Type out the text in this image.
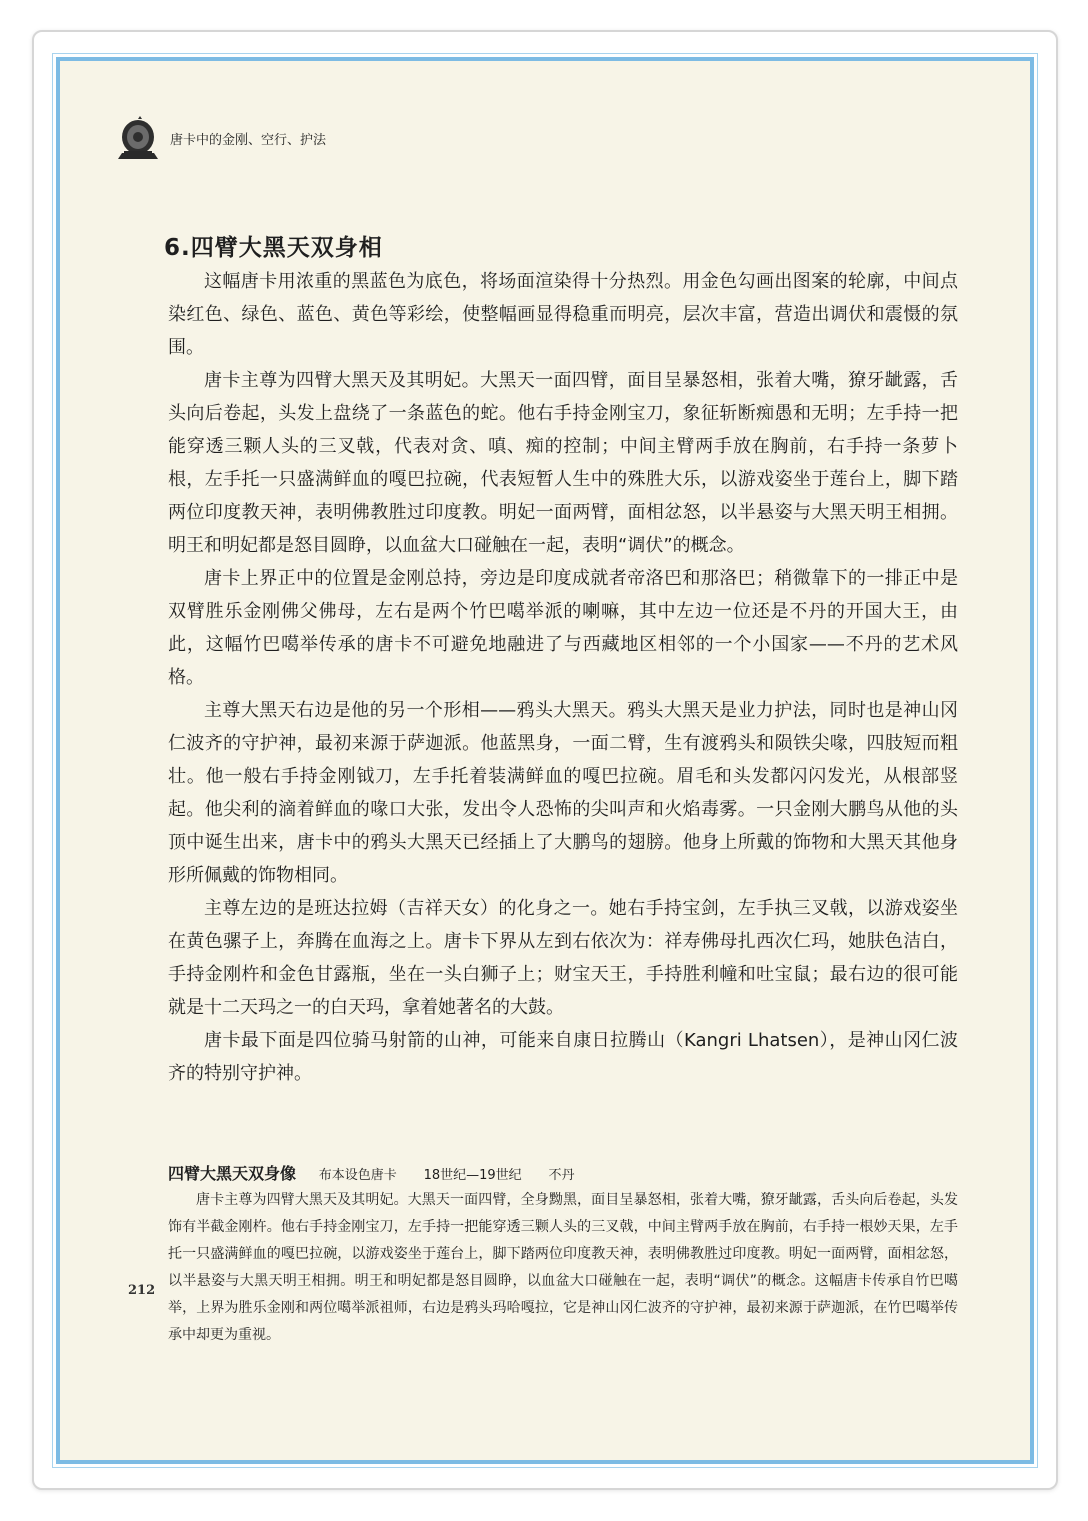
唐卡中的金刚、空行、护法
6.四臂大黑天双身相

这幅唐卡用浓重的黑蓝色为底色，将场面渲染得十分热烈。用金色勾画出图案的轮廓，中间点染红色、绿色、蓝色、黄色等彩绘，使整幅画显得稳重而明亮，层次丰富，营造出调伏和震慑的氛围。

唐卡主尊为四臂大黑天及其明妃。大黑天一面四臂，面目呈暴怒相，张着大嘴，獠牙龇露，舌头向后卷起，头发上盘绕了一条蓝色的蛇。他右手持金刚宝刀，象征斩断痴愚和无明；左手持一把能穿透三颗人头的三叉戟，代表对贪、嗔、痴的控制；中间主臂两手放在胸前，右手持一条萝卜根，左手托一只盛满鲜血的嘎巴拉碗，代表短暂人生中的殊胜大乐，以游戏姿坐于莲台上，脚下踏两位印度教天神，表明佛教胜过印度教。明妃一面两臂，面相忿怒，以半悬姿与大黑天明王相拥。明王和明妃都是怒目圆睁，以血盆大口碰触在一起，表明“调伏”的概念。

唐卡上界正中的位置是金刚总持，旁边是印度成就者帝洛巴和那洛巴；稍微靠下的一排正中是双臂胜乐金刚佛父佛母，左右是两个竹巴噶举派的喇嘛，其中左边一位还是不丹的开国大王，由此，这幅竹巴噶举传承的唐卡不可避免地融进了与西藏地区相邻的一个小国家——不丹的艺术风格。

主尊大黑天右边是他的另一个形相——鸦头大黑天。鸦头大黑天是业力护法，同时也是神山冈仁波齐的守护神，最初来源于萨迦派。他蓝黑身，一面二臂，生有渡鸦头和陨铁尖喙，四肢短而粗壮。他一般右手持金刚钺刀，左手托着装满鲜血的嘎巴拉碗。眉毛和头发都闪闪发光，从根部竖起。他尖利的滴着鲜血的喙口大张，发出令人恐怖的尖叫声和火焰毒雾。一只金刚大鹏鸟从他的头顶中诞生出来，唐卡中的鸦头大黑天已经插上了大鹏鸟的翅膀。他身上所戴的饰物和大黑天其他身形所佩戴的饰物相同。

主尊左边的是班达拉姆（吉祥天女）的化身之一。她右手持宝剑，左手执三叉戟，以游戏姿坐在黄色骡子上，奔腾在血海之上。唐卡下界从左到右依次为：祥寿佛母扎西次仁玛，她肤色洁白，手持金刚杵和金色甘露瓶，坐在一头白狮子上；财宝天王，手持胜利幢和吐宝鼠；最右边的很可能就是十二天玛之一的白天玛，拿着她著名的大鼓。

唐卡最下面是四位骑马射箭的山神，可能来自康日拉腾山（Kangri Lhatsen），是神山冈仁波齐的特别守护神。

四臂大黑天双身像 布本设色唐卡 18世纪—19世纪 不丹
唐卡主尊为四臂大黑天及其明妃。大黑天一面四臂，全身黝黑，面目呈暴怒相，张着大嘴，獠牙龇露，舌头向后卷起，头发饰有半截金刚杵。他右手持金刚宝刀，左手持一把能穿透三颗人头的三叉戟，中间主臂两手放在胸前，右手持一根妙天果，左手托一只盛满鲜血的嘎巴拉碗，以游戏姿坐于莲台上，脚下踏两位印度教天神，表明佛教胜过印度教。明妃一面两臂，面相忿怒，以半悬姿与大黑天明王相拥。明王和明妃都是怒目圆睁，以血盆大口碰触在一起，表明“调伏”的概念。这幅唐卡传承自竹巴噶举，上界为胜乐金刚和两位噶举派祖师，右边是鸦头玛哈嘎拉，它是神山冈仁波齐的守护神，最初来源于萨迦派，在竹巴噶举传承中却更为重视。
212
